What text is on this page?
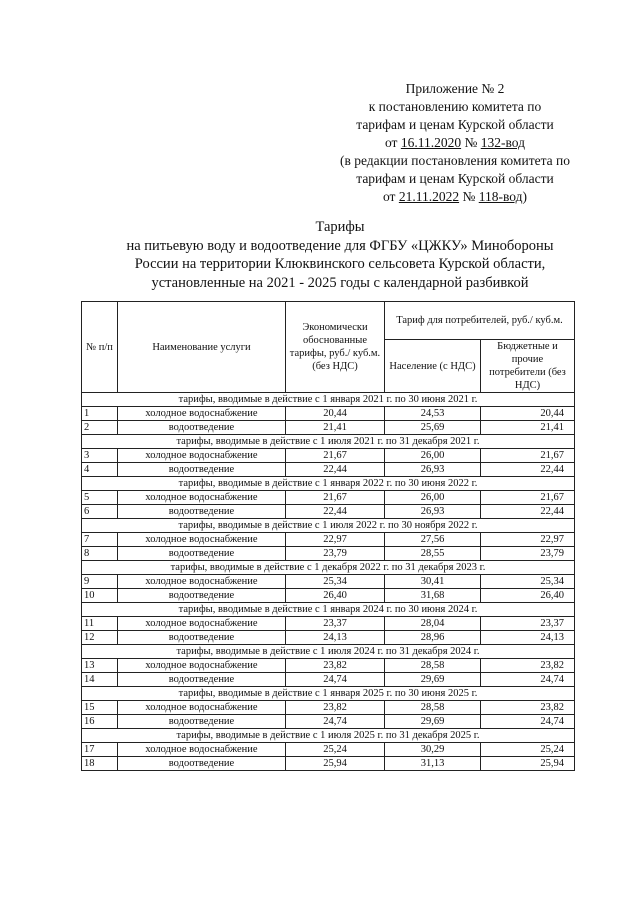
Приложение № 2
к постановлению комитета по
тарифам и ценам Курской области
от 16.11.2020 № 132-вод
(в редакции постановления комитета по
тарифам и ценам Курской области
от 21.11.2022 № 118-вод)
Тарифы
на питьевую воду и водоотведение для ФГБУ «ЦЖКУ» Минобороны
России на территории Клюквинского сельсовета Курской области,
установленные на 2021 - 2025 годы с календарной разбивкой
№ п/п	Наименование услуги	Экономически обоснованные тарифы, руб./ куб.м. (без НДС)	Тариф для потребителей, руб./ куб.м.	
			Население (с НДС)	Бюджетные и прочие потребители (без НДС)
тарифы, вводимые в действие с 1 января 2021 г. по 30 июня 2021 г.				
1	холодное водоснабжение	20,44	24,53	20,44
2	водоотведение	21,41	25,69	21,41
тарифы, вводимые в действие с 1 июля 2021 г. по 31 декабря 2021 г.				
3	холодное водоснабжение	21,67	26,00	21,67
4	водоотведение	22,44	26,93	22,44
тарифы, вводимые в действие с 1 января 2022 г. по 30 июня 2022 г.				
5	холодное водоснабжение	21,67	26,00	21,67
6	водоотведение	22,44	26,93	22,44
тарифы, вводимые в действие с 1 июля 2022 г. по 30 ноября 2022 г.				
7	холодное водоснабжение	22,97	27,56	22,97
8	водоотведение	23,79	28,55	23,79
тарифы, вводимые в действие с 1 декабря 2022 г. по 31 декабря 2023 г.				
9	холодное водоснабжение	25,34	30,41	25,34
10	водоотведение	26,40	31,68	26,40
тарифы, вводимые в действие с 1 января 2024 г. по 30 июня 2024 г.				
11	холодное водоснабжение	23,37	28,04	23,37
12	водоотведение	24,13	28,96	24,13
тарифы, вводимые в действие с 1 июля 2024 г. по 31 декабря 2024 г.				
13	холодное водоснабжение	23,82	28,58	23,82
14	водоотведение	24,74	29,69	24,74
тарифы, вводимые в действие с 1 января 2025 г. по 30 июня 2025 г.				
15	холодное водоснабжение	23,82	28,58	23,82
16	водоотведение	24,74	29,69	24,74
тарифы, вводимые в действие с 1 июля 2025 г. по 31 декабря 2025 г.				
17	холодное водоснабжение	25,24	30,29	25,24
18	водоотведение	25,94	31,13	25,94
